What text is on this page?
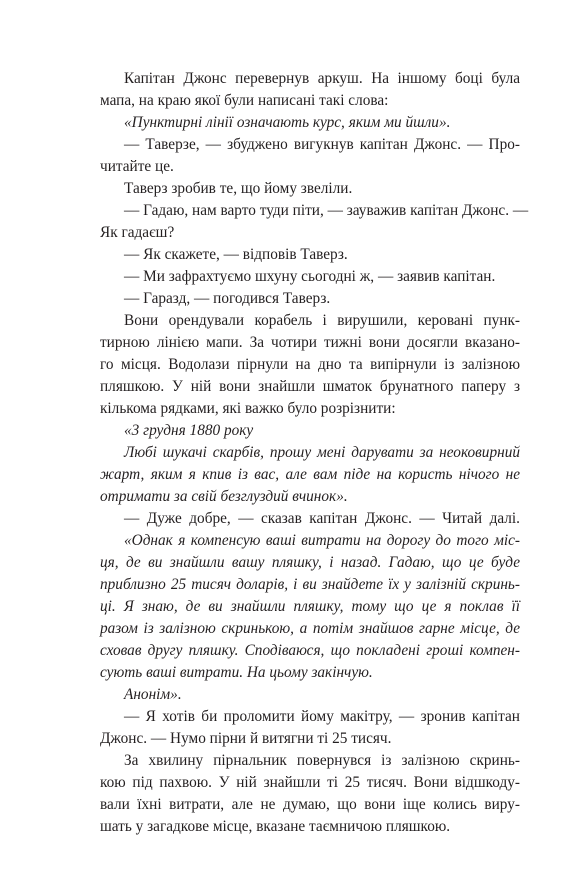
Капітан Джонс перевернув аркуш. На іншому боці була
мапа, на краю якої були написані такі слова:
«Пунктирні лінії означають курс, яким ми йшли».
— Таверзе, — збуджено вигукнув капітан Джонс. — Про-
читайте це.
Таверз зробив те, що йому звеліли.
— Гадаю, нам варто туди піти, — зауважив капітан Джонс. —
Як гадаєш?
— Як скажете, — відповів Таверз.
— Ми зафрахтуємо шхуну сьогодні ж, — заявив капітан.
— Гаразд, — погодився Таверз.
Вони орендували корабель і вирушили, керовані пунк-
тирною лінією мапи. За чотири тижні вони досягли вказано-
го місця. Водолази пірнули на дно та випірнули із залізною
пляшкою. У ній вони знайшли шматок брунатного паперу з
кількома рядками, які важко було розрізнити:
«3 грудня 1880 року
Любі шукачі скарбів, прошу мені дарувати за неоковирний
жарт, яким я кпив із вас, але вам піде на користь нічого не
отримати за свій безглуздий вчинок».
— Дуже добре, — сказав капітан Джонс. — Читай далі.
«Однак я компенсую ваші витрати на дорогу до того міс-
ця, де ви знайшли вашу пляшку, і назад. Гадаю, що це буде
приблизно 25 тисяч доларів, і ви знайдете їх у залізній скринь-
ці. Я знаю, де ви знайшли пляшку, тому що це я поклав її
разом із залізною скринькою, а потім знайшов гарне місце, де
сховав другу пляшку. Сподіваюся, що покладені гроші компен-
сують ваші витрати. На цьому закінчую.
Анонім».
— Я хотів би проломити йому макітру, — зронив капітан
Джонс. — Нумо пірни й витягни ті 25 тисяч.
За хвилину пірнальник повернувся із залізною скринь-
кою під пахвою. У ній знайшли ті 25 тисяч. Вони відшкоду-
вали їхні витрати, але не думаю, що вони іще колись виру-
шать у загадкове місце, вказане таємничою пляшкою.
